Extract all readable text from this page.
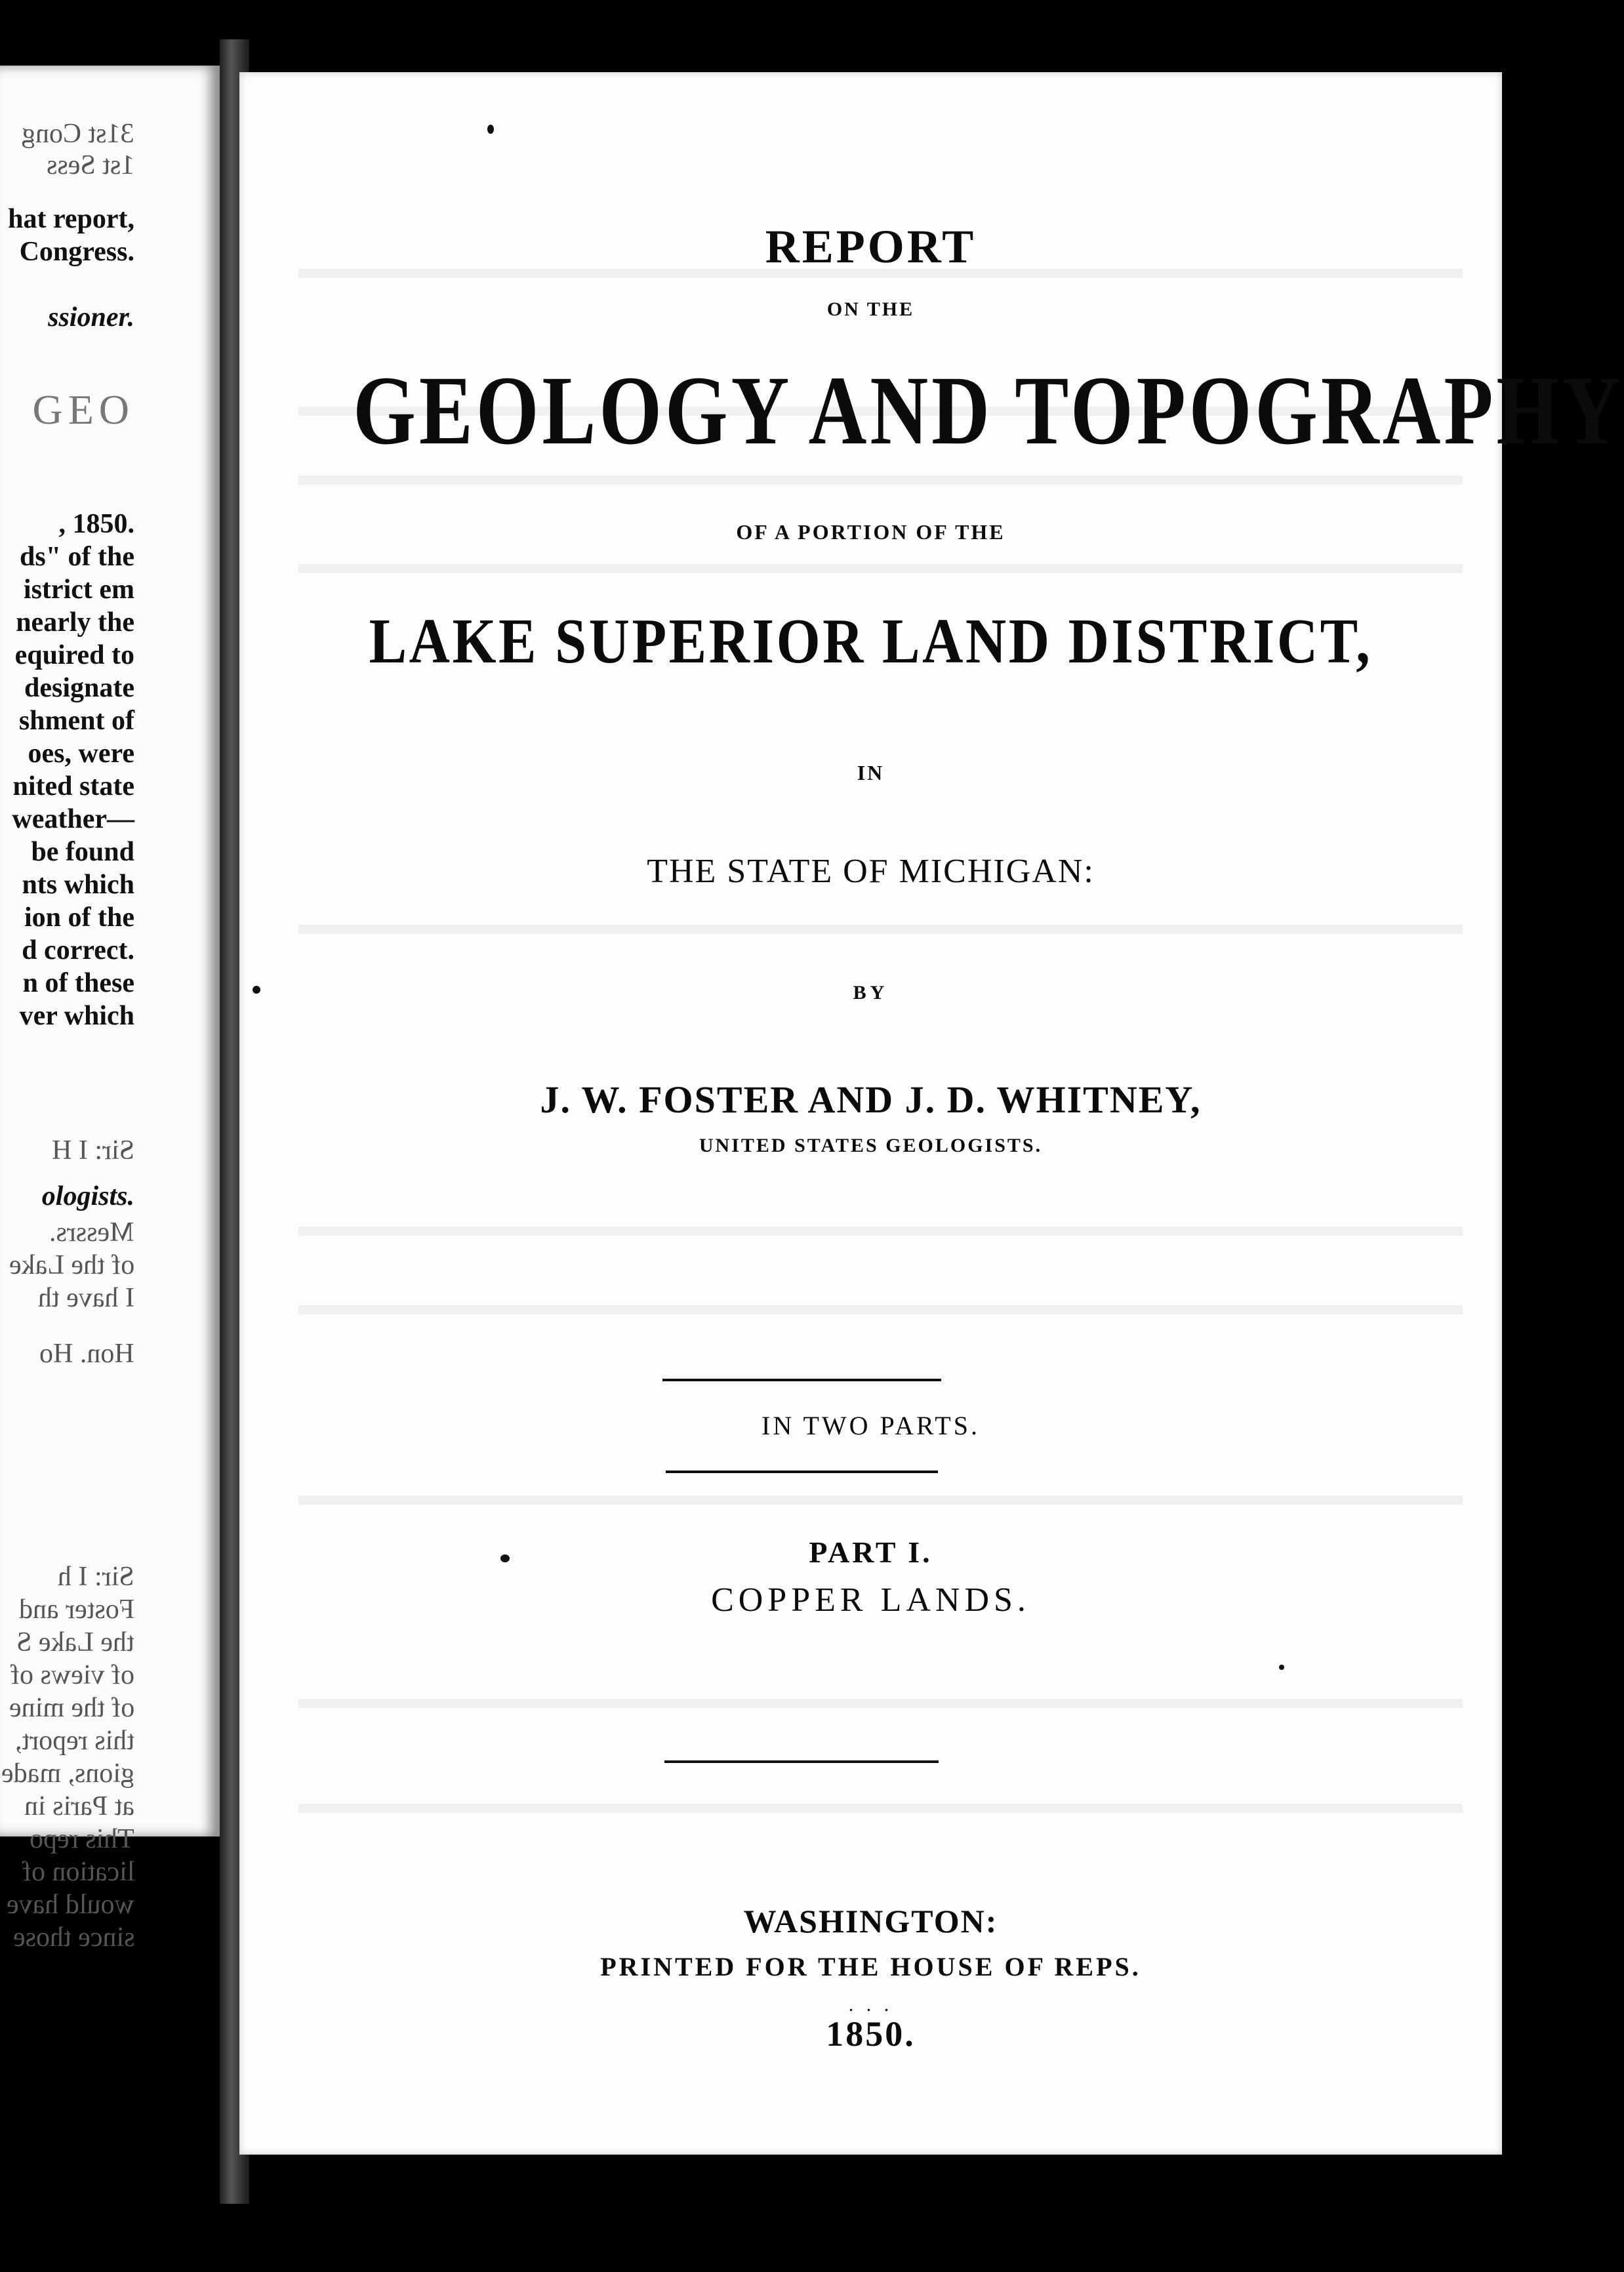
31st Cong
1st Sess
hat report,
Congress.
ssioner.
GEO
, 1850.
ds" of the
istrict em
nearly the
equired to
designate
shment of
oes, were
nited state
weather—
be found
nts which
ion of the
d correct.
n of these
ver which
Sir: I H
ologists.
Messrs.
of the Lake
I have th
Hon. Ho
Sir: I h
Foster and
the Lake S
of views of
of the mine
this report,
gions, made
at Paris in
This repo
lication of
would have
since those
REPORT
ON THE
GEOLOGY AND TOPOGRAPHY
OF A PORTION OF THE
LAKE SUPERIOR LAND DISTRICT,
IN
THE STATE OF MICHIGAN:
BY
J. W. FOSTER AND J. D. WHITNEY,
UNITED STATES GEOLOGISTS.
IN TWO PARTS.
PART I.
COPPER LANDS.
WASHINGTON:
PRINTED FOR THE HOUSE OF REPS.
. . .
1850.
